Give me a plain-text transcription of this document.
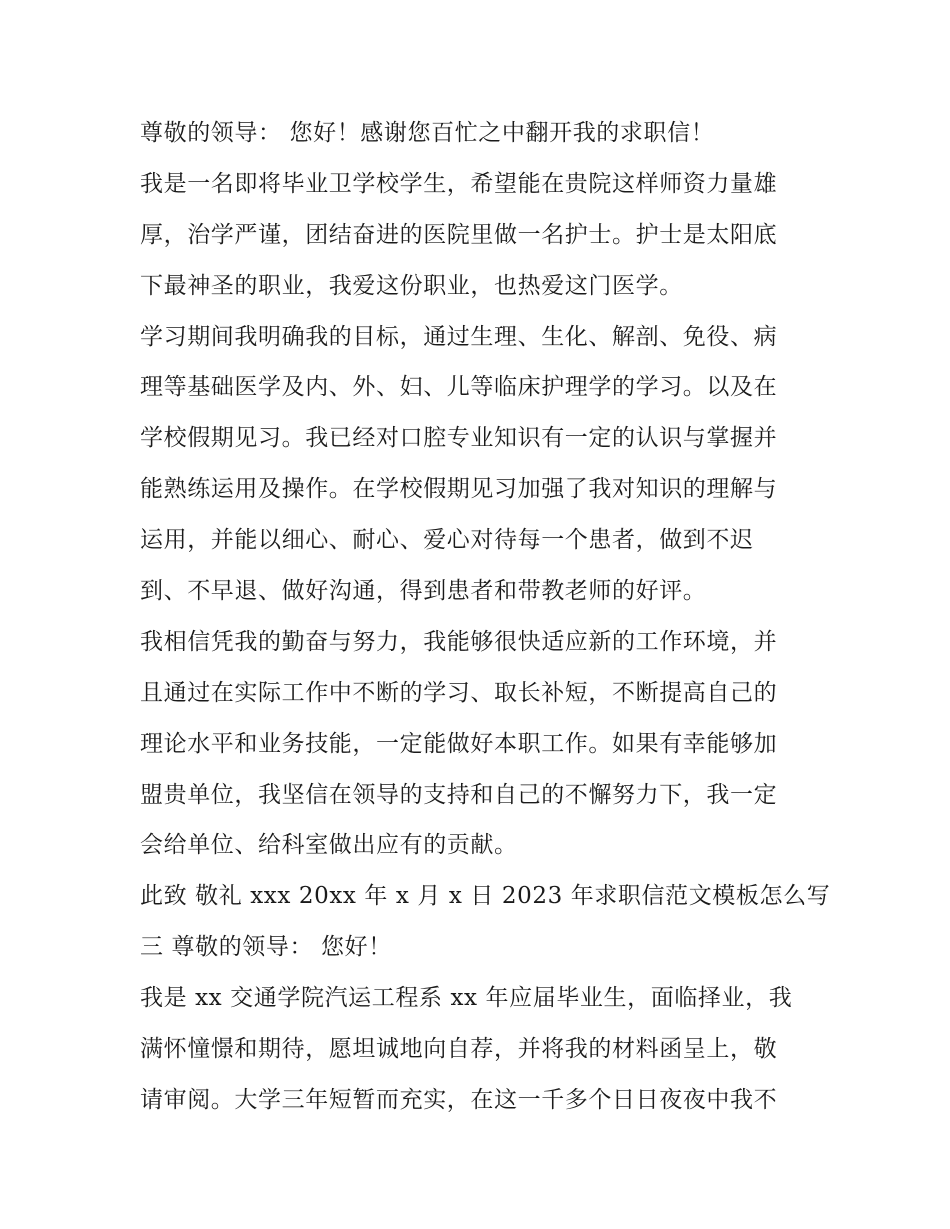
尊敬的领导： 您好！感谢您百忙之中翻开我的求职信！
我是一名即将毕业卫学校学生，希望能在贵院这样师资力量雄
厚，治学严谨，团结奋进的医院里做一名护士。护士是太阳底
下最神圣的职业，我爱这份职业，也热爱这门医学。
学习期间我明确我的目标，通过生理、生化、解剖、免役、病
理等基础医学及内、外、妇、儿等临床护理学的学习。以及在
学校假期见习。我已经对口腔专业知识有一定的认识与掌握并
能熟练运用及操作。在学校假期见习加强了我对知识的理解与
运用，并能以细心、耐心、爱心对待每一个患者，做到不迟
到、不早退、做好沟通，得到患者和带教老师的好评。
我相信凭我的勤奋与努力，我能够很快适应新的工作环境，并
且通过在实际工作中不断的学习、取长补短，不断提高自己的
理论水平和业务技能，一定能做好本职工作。如果有幸能够加
盟贵单位，我坚信在领导的支持和自己的不懈努力下，我一定
会给单位、给科室做出应有的贡献。
此致 敬礼 xxx 20xx 年 x 月 x 日 2023 年求职信范文模板怎么写
三 尊敬的领导： 您好！
我是 xx 交通学院汽运工程系 xx 年应届毕业生，面临择业，我
满怀憧憬和期待，愿坦诚地向自荐，并将我的材料函呈上，敬
请审阅。大学三年短暂而充实，在这一千多个日日夜夜中我不
